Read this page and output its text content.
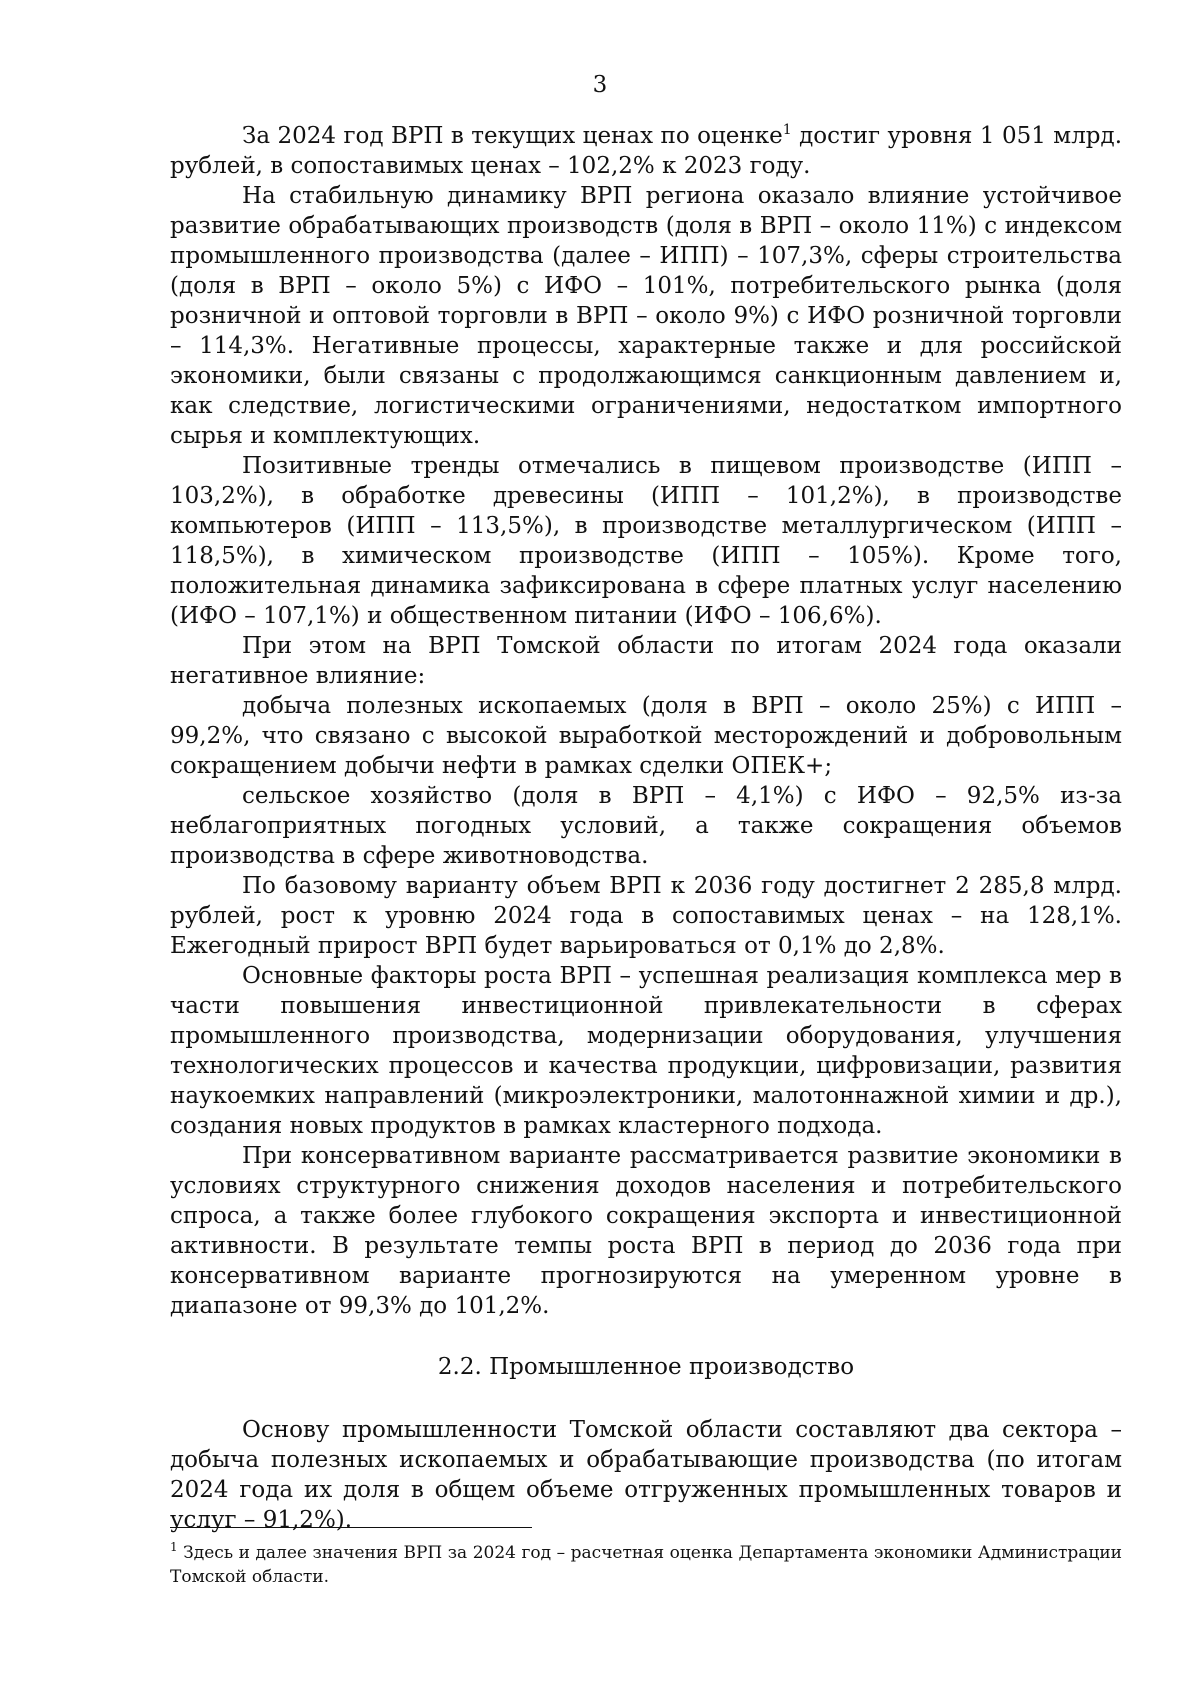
3

За 2024 год ВРП в текущих ценах по оценке$^1$ достиг уровня 1 051 млрд. рублей, в сопоставимых ценах – 102,2% к 2023 году.

На стабильную динамику ВРП региона оказало влияние устойчивое развитие обрабатывающих производств (доля в ВРП – около 11%) с индексом промышленного производства (далее – ИПП) – 107,3%, сферы строительства (доля в ВРП – около 5%) с ИФО – 101%, потребительского рынка (доля розничной и оптовой торговли в ВРП – около 9%) с ИФО розничной торговли – 114,3%. Негативные процессы, характерные также и для российской экономики, были связаны с продолжающимся санкционным давлением и, как следствие, логистическими ограничениями, недостатком импортного сырья и комплектующих.

Позитивные тренды отмечались в пищевом производстве (ИПП – 103,2%), в обработке древесины (ИПП – 101,2%), в производстве компьютеров (ИПП – 113,5%), в производстве металлургическом (ИПП – 118,5%), в химическом производстве (ИПП – 105%). Кроме того, положительная динамика зафиксирована в сфере платных услуг населению (ИФО – 107,1%) и общественном питании (ИФО – 106,6%).

При этом на ВРП Томской области по итогам 2024 года оказали негативное влияние:

добыча полезных ископаемых (доля в ВРП – около 25%) с ИПП – 99,2%, что связано с высокой выработкой месторождений и добровольным сокращением добычи нефти в рамках сделки ОПЕК+;

сельское хозяйство (доля в ВРП – 4,1%) с ИФО – 92,5% из-за неблагоприятных погодных условий, а также сокращения объемов производства в сфере животноводства.

По базовому варианту объем ВРП к 2036 году достигнет 2 285,8 млрд. рублей, рост к уровню 2024 года в сопоставимых ценах – на 128,1%. Ежегодный прирост ВРП будет варьироваться от 0,1% до 2,8%.

Основные факторы роста ВРП – успешная реализация комплекса мер в части повышения инвестиционной привлекательности в сферах промышленного производства, модернизации оборудования, улучшения технологических процессов и качества продукции, цифровизации, развития наукоемких направлений (микроэлектроники, малотоннажной химии и др.), создания новых продуктов в рамках кластерного подхода.

При консервативном варианте рассматривается развитие экономики в условиях структурного снижения доходов населения и потребительского спроса, а также более глубокого сокращения экспорта и инвестиционной активности. В результате темпы роста ВРП в период до 2036 года при консервативном варианте прогнозируются на умеренном уровне в диапазоне от 99,3% до 101,2%.

2.2. Промышленное производство

Основу промышленности Томской области составляют два сектора – добыча полезных ископаемых и обрабатывающие производства (по итогам 2024 года их доля в общем объеме отгруженных промышленных товаров и услуг – 91,2%).

$^1$ Здесь и далее значения ВРП за 2024 год – расчетная оценка Департамента экономики Администрации Томской области.
